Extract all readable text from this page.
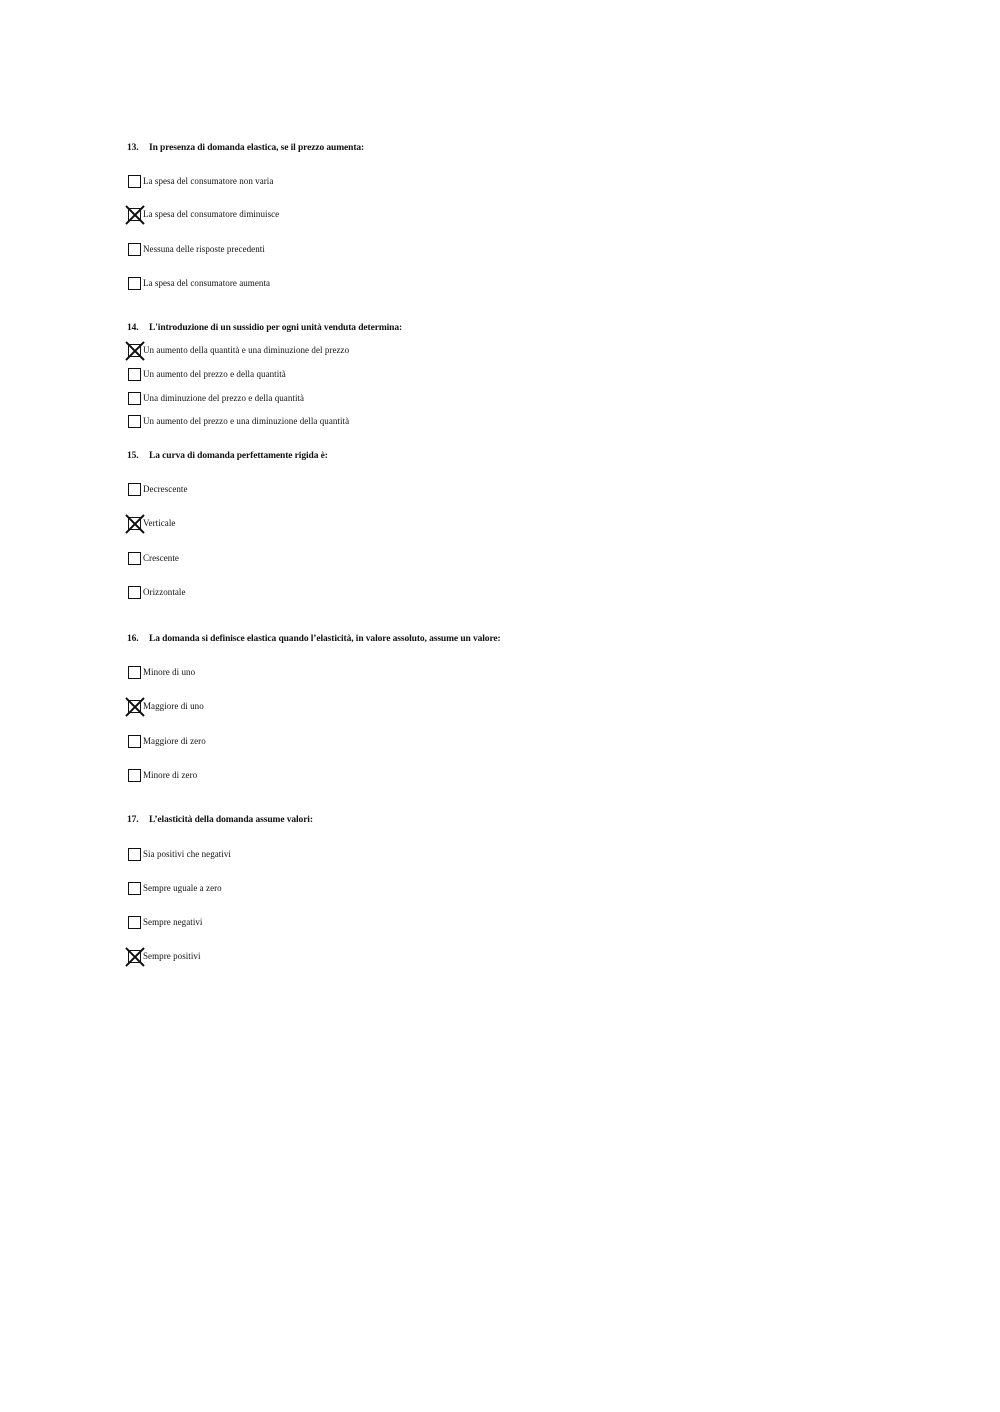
13. In presenza di domanda elastica, se il prezzo aumenta:
La spesa del consumatore non varia
La spesa del consumatore diminuisce
Nessuna delle risposte precedenti
La spesa del consumatore aumenta
14. L'introduzione di un sussidio per ogni unità venduta determina:
Un aumento della quantità e una diminuzione del prezzo
Un aumento del prezzo e della quantità
Una diminuzione del prezzo e della quantità
Un aumento del prezzo e una diminuzione della quantità
15. La curva di domanda perfettamente rigida è:
Decrescente
Verticale
Crescente
Orizzontale
16. La domanda si definisce elastica quando l’elasticità, in valore assoluto, assume un valore:
Minore di uno
Maggiore di uno
Maggiore di zero
Minore di zero
17. L’elasticità della domanda assume valori:
Sia positivi che negativi
Sempre uguale a zero
Sempre negativi
Sempre positivi
